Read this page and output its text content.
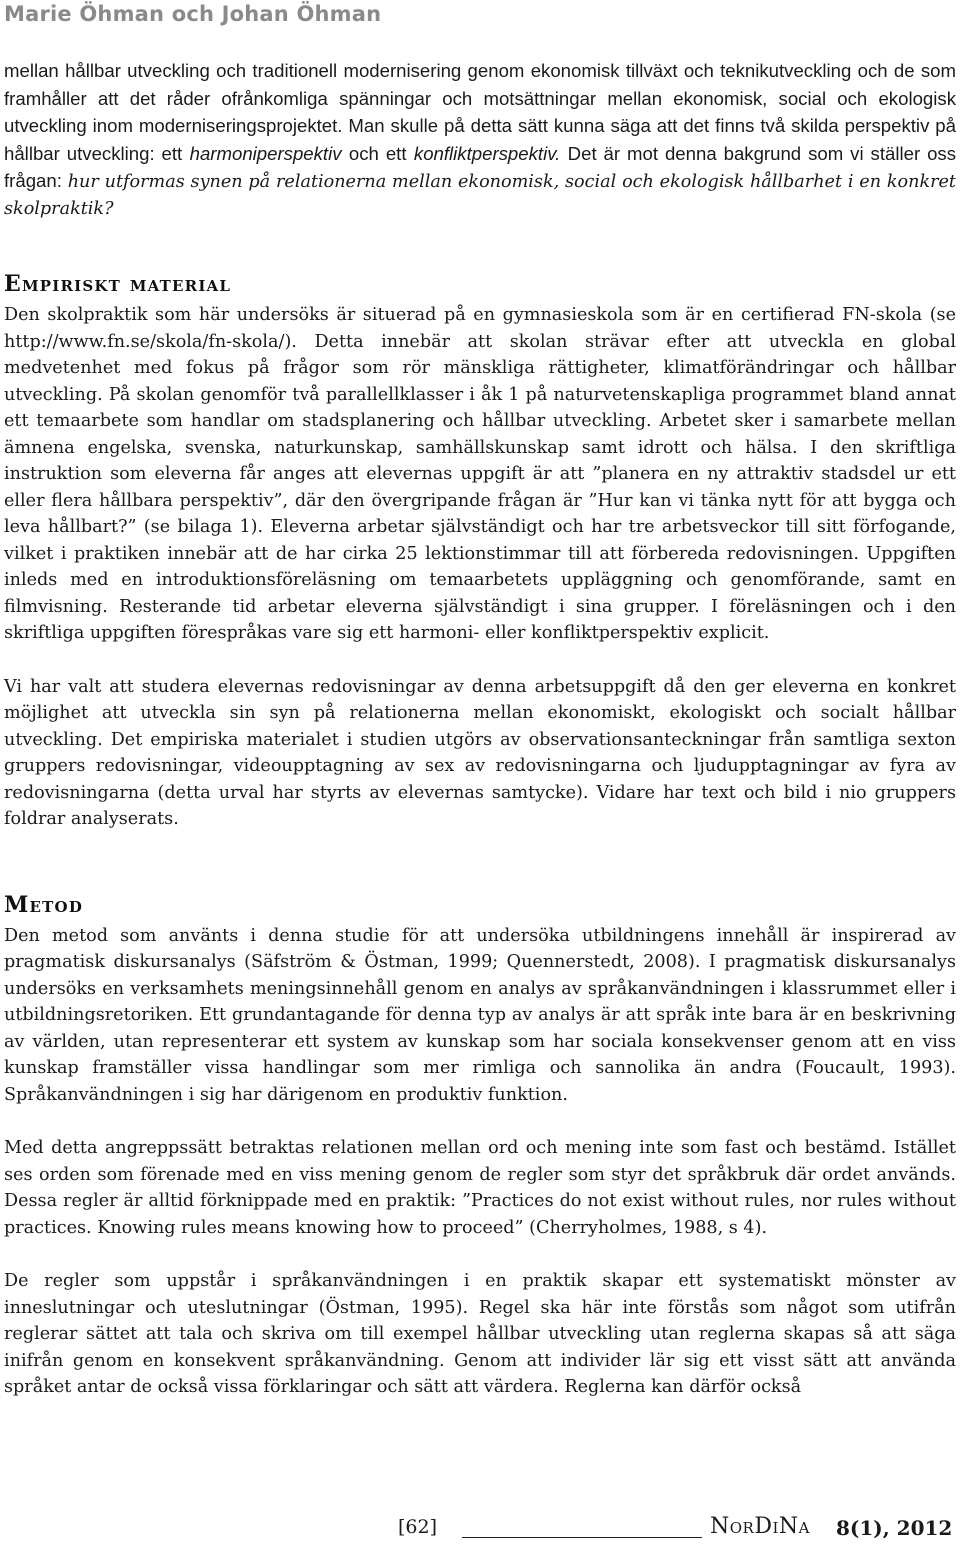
Marie Öhman och Johan Öhman

mellan hållbar utveckling och traditionell modernisering genom ekonomisk tillväxt och teknikutveckling och de som framhåller att det råder ofrånkomliga spänningar och motsättningar mellan ekonomisk, social och ekologisk utveckling inom moderniseringsprojektet. Man skulle på detta sätt kunna säga att det finns två skilda perspektiv på hållbar utveckling: ett harmoniperspektiv och ett konfliktperspektiv. Det är mot denna bakgrund som vi ställer oss frågan: hur utformas synen på relationerna mellan ekonomisk, social och ekologisk hållbarhet i en konkret skolpraktik?

Empiriskt material

Den skolpraktik som här undersöks är situerad på en gymnasieskola som är en certifierad FN-skola (se http://www.fn.se/skola/fn-skola/). Detta innebär att skolan strävar efter att utveckla en global medvetenhet med fokus på frågor som rör mänskliga rättigheter, klimatförändringar och hållbar utveckling. På skolan genomför två parallellklasser i åk 1 på naturvetenskapliga programmet bland annat ett temaarbete som handlar om stadsplanering och hållbar utveckling. Arbetet sker i samarbete mellan ämnena engelska, svenska, naturkunskap, samhällskunskap samt idrott och hälsa. I den skriftliga instruktion som eleverna får anges att elevernas uppgift är att ”planera en ny attraktiv stadsdel ur ett eller flera hållbara perspektiv”, där den övergripande frågan är ”Hur kan vi tänka nytt för att bygga och leva hållbart?” (se bilaga 1). Eleverna arbetar självständigt och har tre arbetsveckor till sitt förfogande, vilket i praktiken innebär att de har cirka 25 lektionstimmar till att förbereda redovisningen. Uppgiften inleds med en introduktionsföreläsning om temaarbetets uppläggning och genomförande, samt en filmvisning. Resterande tid arbetar eleverna självständigt i sina grupper. I föreläsningen och i den skriftliga uppgiften förespråkas vare sig ett harmoni- eller konfliktperspektiv explicit.

Vi har valt att studera elevernas redovisningar av denna arbetsuppgift då den ger eleverna en konkret möjlighet att utveckla sin syn på relationerna mellan ekonomiskt, ekologiskt och socialt hållbar utveckling. Det empiriska materialet i studien utgörs av observationsanteckningar från samtliga sexton gruppers redovisningar, videoupptagning av sex av redovisningarna och ljudupptagningar av fyra av redovisningarna (detta urval har styrts av elevernas samtycke). Vidare har text och bild i nio gruppers foldrar analyserats.

Metod

Den metod som använts i denna studie för att undersöka utbildningens innehåll är inspirerad av pragmatisk diskursanalys (Säfström & Östman, 1999; Quennerstedt, 2008). I pragmatisk diskursanalys undersöks en verksamhets meningsinnehåll genom en analys av språkanvändningen i klassrummet eller i utbildningsretoriken. Ett grundantagande för denna typ av analys är att språk inte bara är en beskrivning av världen, utan representerar ett system av kunskap som har sociala konsekvenser genom att en viss kunskap framställer vissa handlingar som mer rimliga och sannolika än andra (Foucault, 1993). Språkanvändningen i sig har därigenom en produktiv funktion.

Med detta angreppssätt betraktas relationen mellan ord och mening inte som fast och bestämd. Istället ses orden som förenade med en viss mening genom de regler som styr det språkbruk där ordet används. Dessa regler är alltid förknippade med en praktik: ”Practices do not exist without rules, nor rules without practices. Knowing rules means knowing how to proceed” (Cherryholmes, 1988, s 4).

De regler som uppstår i språkanvändningen i en praktik skapar ett systematiskt mönster av inneslutningar och uteslutningar (Östman, 1995). Regel ska här inte förstås som något som utifrån reglerar sättet att tala och skriva om till exempel hållbar utveckling utan reglerna skapas så att säga inifrån genom en konsekvent språkanvändning. Genom att individer lär sig ett visst sätt att använda språket antar de också vissa förklaringar och sätt att värdera. Reglerna kan därför också

[62]	NorDiNa 8(1), 2012
